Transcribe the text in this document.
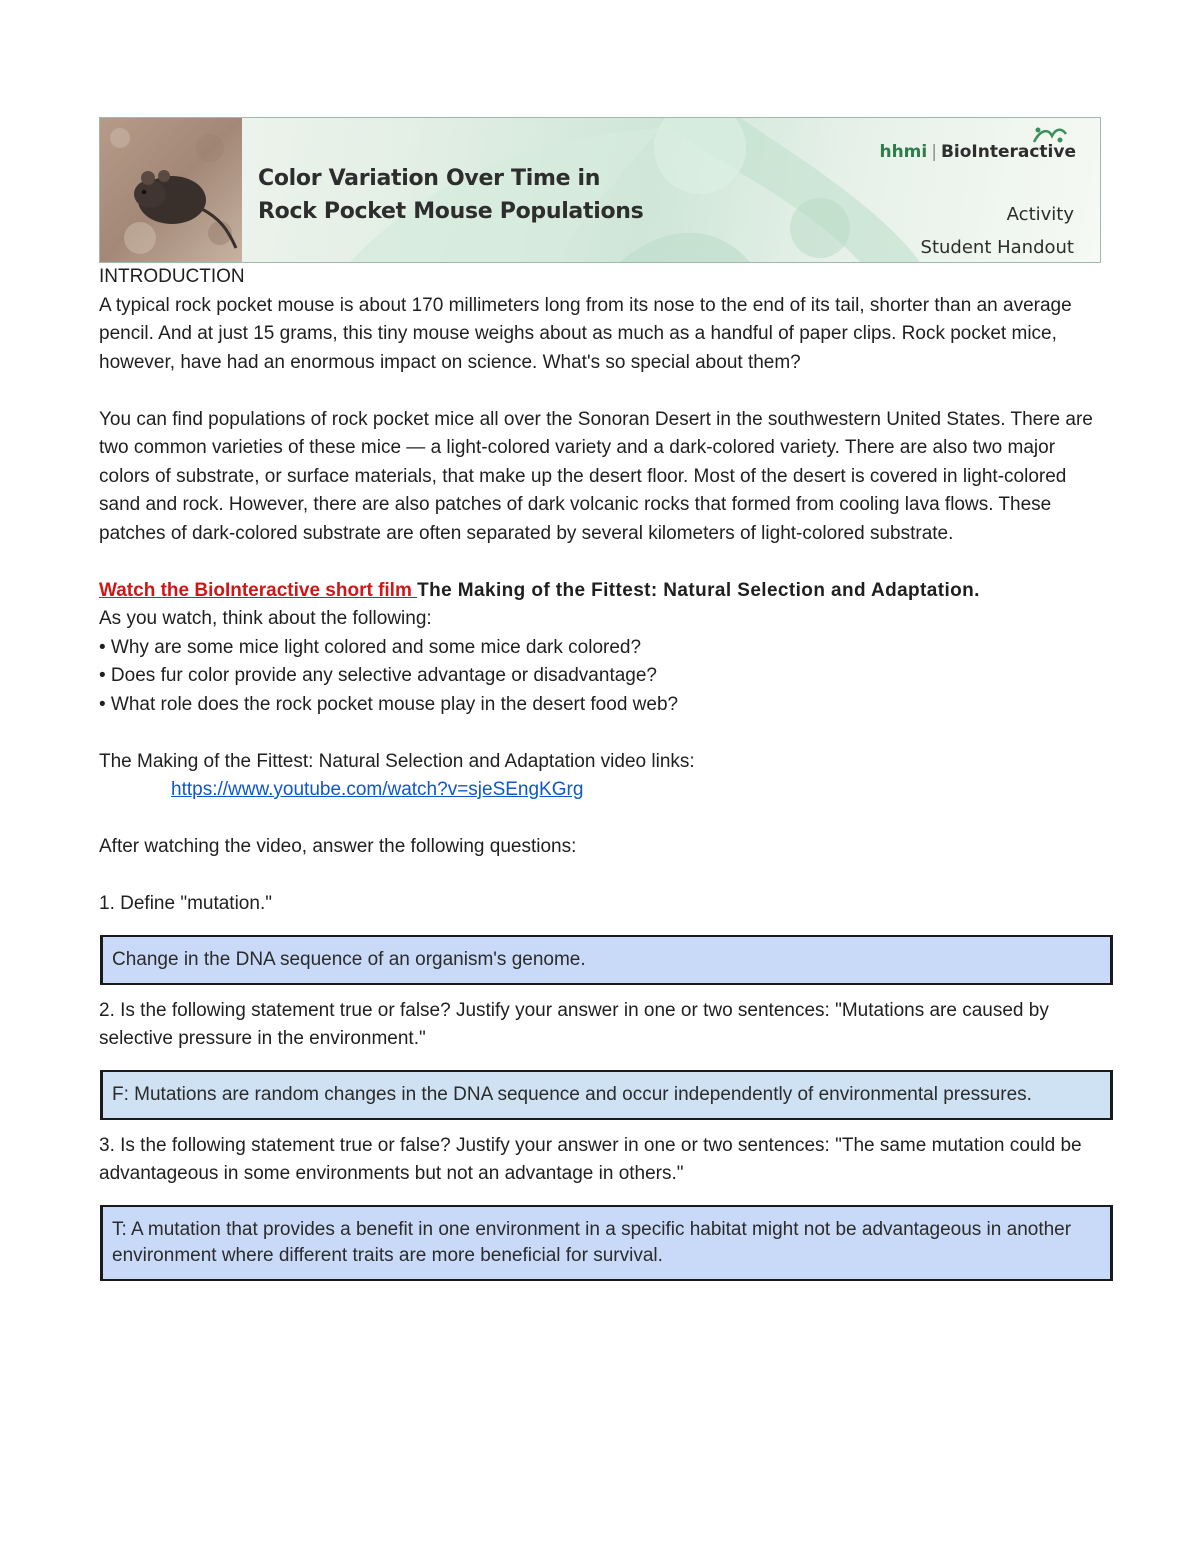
Color Variation Over Time in
Rock Pocket Mouse Populations
hhmi | BioInteractive
Activity
Student Handout

INTRODUCTION

A typical rock pocket mouse is about 170 millimeters long from its nose to the end of its tail, shorter than an average pencil. And at just 15 grams, this tiny mouse weighs about as much as a handful of paper clips. Rock pocket mice, however, have had an enormous impact on science. What's so special about them?

You can find populations of rock pocket mice all over the Sonoran Desert in the southwestern United States. There are two common varieties of these mice — a light-colored variety and a dark-colored variety. There are also two major colors of substrate, or surface materials, that make up the desert floor. Most of the desert is covered in light-colored sand and rock. However, there are also patches of dark volcanic rocks that formed from cooling lava flows. These patches of dark-colored substrate are often separated by several kilometers of light-colored substrate.

Watch the BioInteractive short film The Making of the Fittest: Natural Selection and Adaptation.

As you watch, think about the following:

• Why are some mice light colored and some mice dark colored?

• Does fur color provide any selective advantage or disadvantage?

• What role does the rock pocket mouse play in the desert food web?

The Making of the Fittest: Natural Selection and Adaptation video links:

https://www.youtube.com/watch?v=sjeSEngKGrg

After watching the video, answer the following questions:

1. Define "mutation."

Change in the DNA sequence of an organism's genome.

2. Is the following statement true or false? Justify your answer in one or two sentences: "Mutations are caused by selective pressure in the environment."

F: Mutations are random changes in the DNA sequence and occur independently of environmental pressures.

3. Is the following statement true or false? Justify your answer in one or two sentences: "The same mutation could be advantageous in some environments but not an advantage in others."

T: A mutation that provides a benefit in one environment in a specific habitat might not be advantageous in another environment where different traits are more beneficial for survival.
